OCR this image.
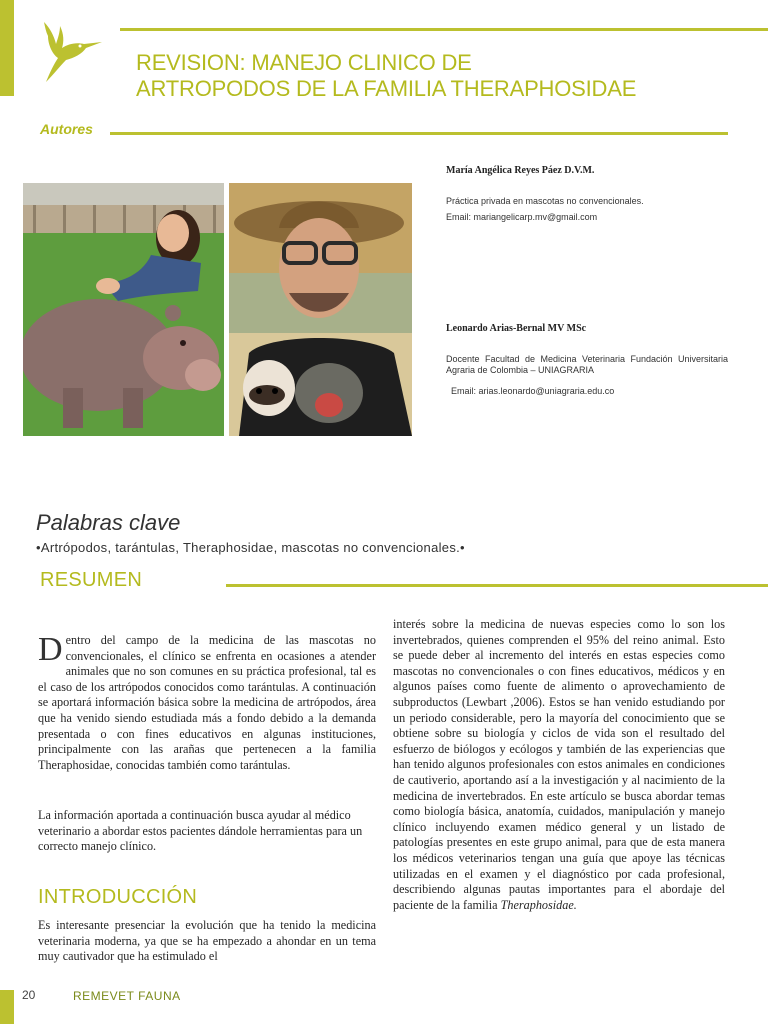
REVISION: MANEJO CLINICO DE
ARTROPODOS DE LA FAMILIA THERAPHOSIDAE
Autores
María Angélica Reyes Páez D.V.M.
Práctica privada en mascotas no convencionales.
Email: mariangelicarp.mv@gmail.com
Leonardo Arias-Bernal MV MSc
Docente Facultad de Medicina Veterinaria Fundación Universitaria Agraria de Colombia – UNIAGRARIA
Email: arias.leonardo@uniagraria.edu.co
Palabras clave
•Artrópodos, tarántulas, Theraphosidae, mascotas no convencionales.•
RESUMEN
Dentro del campo de la medicina de las mascotas no convencionales, el clínico se enfrenta en ocasiones a atender animales que no son comunes en su práctica profesional, tal es el caso de los artrópodos conocidos como tarántulas. A continuación se aportará información básica sobre la medicina de artrópodos, área que ha venido siendo estudiada más a fondo debido a la demanda presentada o con fines educativos en algunas instituciones, principalmente con las arañas que pertenecen a la familia Theraphosidae, conocidas también como tarántulas.
La información aportada a continuación busca ayudar al médico veterinario a abordar estos pacientes dándole herramientas para un correcto manejo clínico.
INTRODUCCIÓN
Es interesante presenciar la evolución que ha tenido la medicina veterinaria moderna, ya que se ha empezado a ahondar en un tema muy cautivador que ha estimulado el
interés sobre la medicina de nuevas especies como lo son los invertebrados, quienes comprenden el 95% del reino animal. Esto se puede deber al incremento del interés en estas especies como mascotas no convencionales o con fines educativos, médicos y en algunos países como fuente de alimento o aprovechamiento de subproductos (Lewbart ,2006). Estos se han venido estudiando por un periodo considerable, pero la mayoría del conocimiento que se obtiene sobre su biología y ciclos de vida son el resultado del esfuerzo de biólogos y ecólogos y también de las experiencias que han tenido algunos profesionales con estos animales en condiciones de cautiverio, aportando así a la investigación y al nacimiento de la medicina de invertebrados. En este artículo se busca abordar temas como biología básica, anatomía, cuidados, manipulación y manejo clínico incluyendo examen médico general y un listado de patologías presentes en este grupo animal, para que de esta manera los médicos veterinarios tengan una guía que apoye las técnicas utilizadas en el examen y el diagnóstico por cada profesional, describiendo algunas pautas importantes para el abordaje del paciente de la familia Theraphosidae.
20	REMEVET FAUNA
